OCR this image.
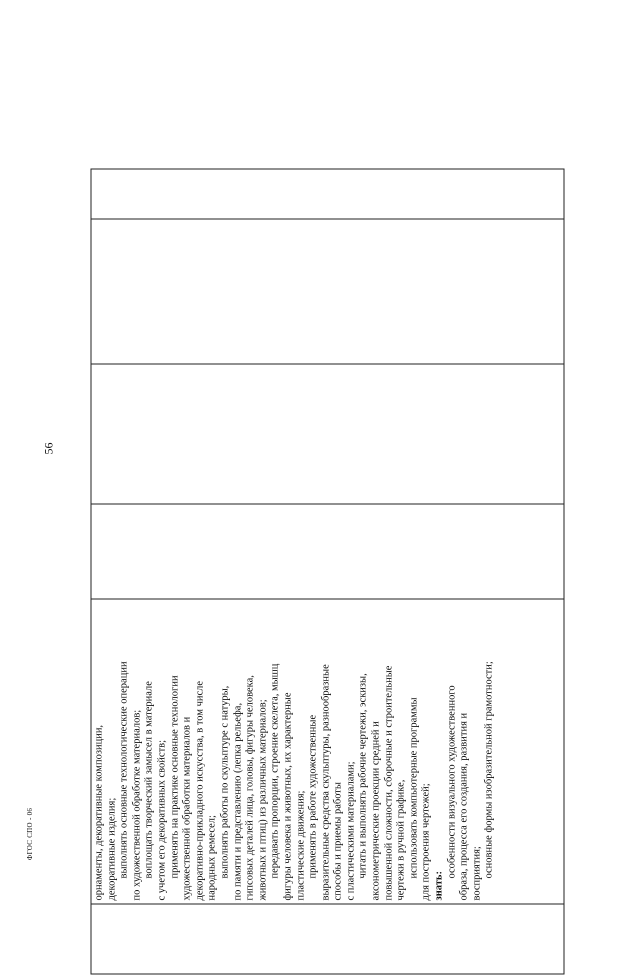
56

орнаменты, декоративные композиции, декоративные изделия; выполнять основные технологические операции по художественной обработке материалов; воплощать творческий замысел в материале с учетом его декоративных свойств; применять на практике основные технологии художественной обработки материалов и декоративно-прикладного искусства, в том числе народных ремесел; выполнять работы по скульптуре с натуры, по памяти и представлению (лепка рельефа, гипсовых деталей лица, головы, фигуры человека, животных и птиц) из различных материалов; передавать пропорции, строение скелета, мышц фигуры человека и животных, их характерные пластические движения; применять в работе художественные выразительные средства скульптуры, разнообразные способы и приемы работы с пластическими материалами; читать и выполнять рабочие чертежи, эскизы, аксонометрические проекции средней и повышенной сложности, сборочные и строительные чертежи в ручной графике, использовать компьютерные программы для построения чертежей; знать:
особенности визуального художественного образа, процесса его создания, развития и восприятия; основные формы изобразительной грамотности;

ФГОС СПО - 06
